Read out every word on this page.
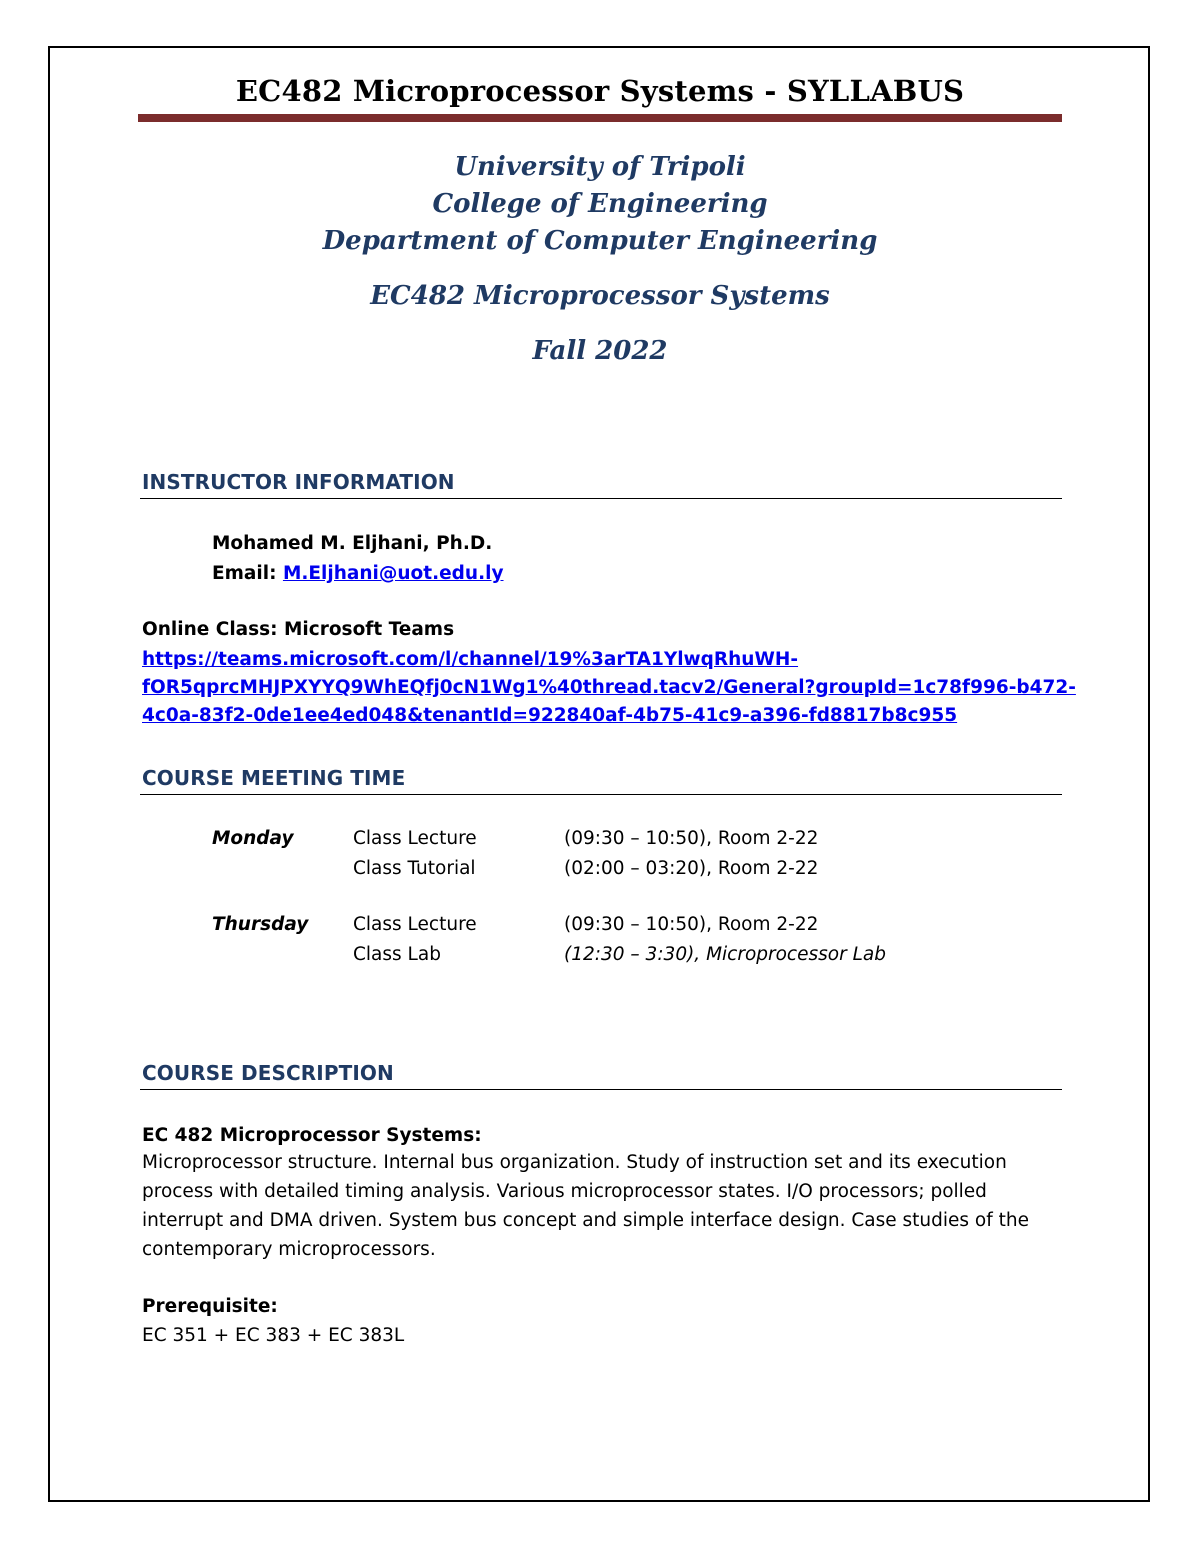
EC482 Microprocessor Systems - SYLLABUS
University of Tripoli
College of Engineering
Department of Computer Engineering
EC482 Microprocessor Systems
Fall 2022
INSTRUCTOR INFORMATION
Mohamed M. Eljhani, Ph.D.
Email: M.Eljhani@uot.edu.ly
Online Class: Microsoft Teams
https://teams.microsoft.com/l/channel/19%3arTA1YlwqRhuWH-
fOR5qprcMHJPXYYQ9WhEQfj0cN1Wg1%40thread.tacv2/General?groupId=1c78f996-b472-
4c0a-83f2-0de1ee4ed048&tenantId=922840af-4b75-41c9-a396-fd8817b8c955
COURSE MEETING TIME
Monday	Class Lecture	(09:30 – 10:50), Room 2-22
Class Tutorial	(02:00 – 03:20), Room 2-22
Thursday Class Lecture	(09:30 – 10:50), Room 2-22
Class Lab	(12:30 – 3:30), Microprocessor Lab
COURSE DESCRIPTION
EC 482 Microprocessor Systems:
Microprocessor structure. Internal bus organization. Study of instruction set and its execution
process with detailed timing analysis. Various microprocessor states. I/O processors; polled
interrupt and DMA driven. System bus concept and simple interface design. Case studies of the
contemporary microprocessors.
Prerequisite:
EC 351 + EC 383 + EC 383L
